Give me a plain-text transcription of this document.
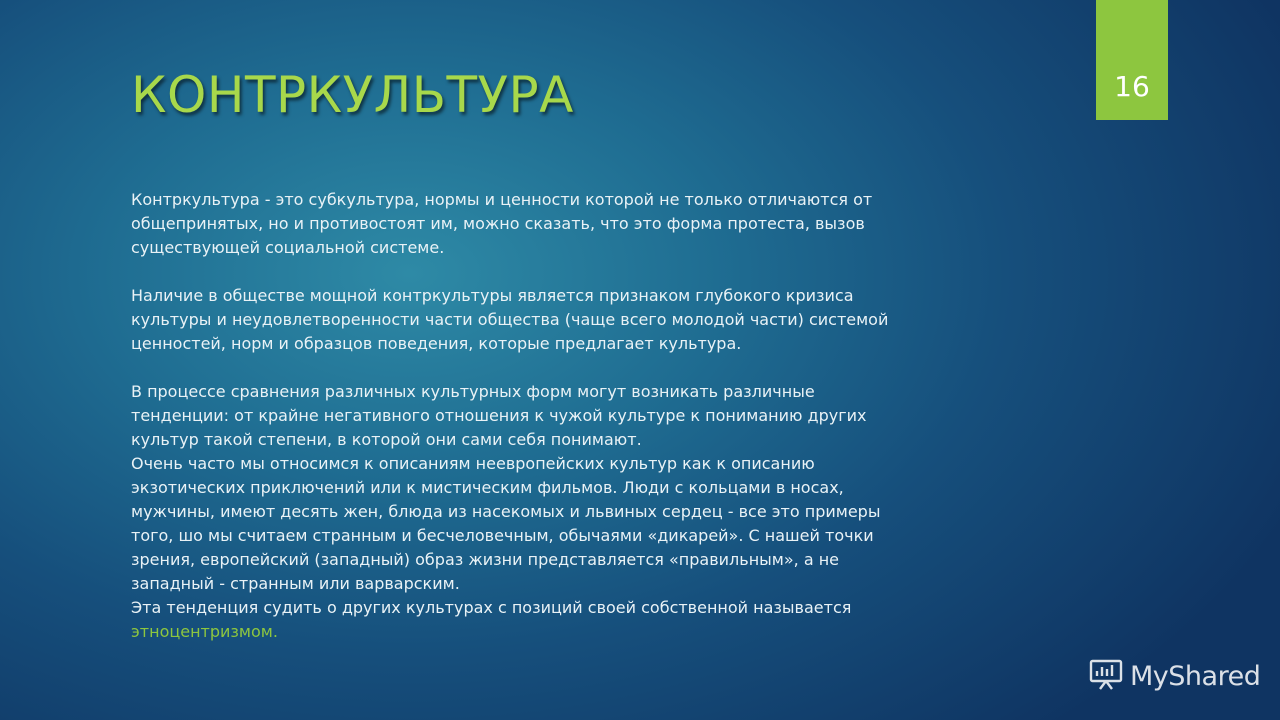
16
КОНТРКУЛЬТУРА

Контркультура - это субкультура, нормы и ценности которой не только отличаются от
общепринятых, но и противостоят им, можно сказать, что это форма протеста, вызов
существующей социальной системе.

Наличие в обществе мощной контркультуры является признаком глубокого кризиса
культуры и неудовлетворенности части общества (чаще всего молодой части) системой
ценностей, норм и образцов поведения, которые предлагает культура.

В процессе сравнения различных культурных форм могут возникать различные
тенденции: от крайне негативного отношения к чужой культуре к пониманию других
культур такой степени, в которой они сами себя понимают.

Очень часто мы относимся к описаниям неевропейских культур как к описанию
экзотических приключений или к мистическим фильмов. Люди с кольцами в носах,
мужчины, имеют десять жен, блюда из насекомых и львиных сердец - все это примеры
того, шо мы считаем странным и бесчеловечным, обычаями «дикарей». С нашей точки
зрения, европейский (западный) образ жизни представляется «правильным», а не
западный - странным или варварским.

Эта тенденция судить о других культурах с позиций своей собственной называется
этноцентризмом.

MyShared
